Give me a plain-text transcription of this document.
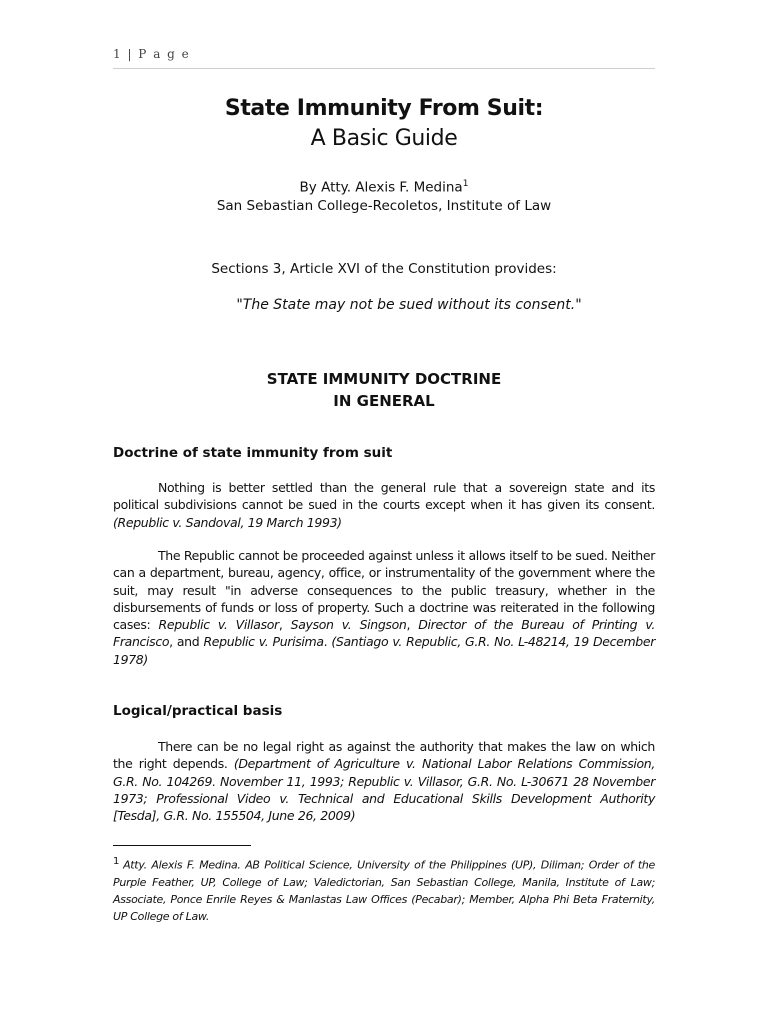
1 | P a g e
State Immunity From Suit:
A Basic Guide
By Atty. Alexis F. Medina$^1$
San Sebastian College-Recoletos, Institute of Law
Sections 3, Article XVI of the Constitution provides:
"The State may not be sued without its consent."
STATE IMMUNITY DOCTRINE
IN GENERAL
Doctrine of state immunity from suit
Nothing is better settled than the general rule that a sovereign state and its political subdivisions cannot be sued in the courts except when it has given its consent. (Republic v. Sandoval, 19 March 1993)
The Republic cannot be proceeded against unless it allows itself to be sued. Neither can a department, bureau, agency, office, or instrumentality of the government where the suit, may result "in adverse consequences to the public treasury, whether in the disbursements of funds or loss of property. Such a doctrine was reiterated in the following cases: Republic v. Villasor, Sayson v. Singson, Director of the Bureau of Printing v. Francisco, and Republic v. Purisima. (Santiago v. Republic, G.R. No. L-48214, 19 December 1978)
Logical/practical basis
There can be no legal right as against the authority that makes the law on which the right depends. (Department of Agriculture v. National Labor Relations Commission, G.R. No. 104269. November 11, 1993; Republic v. Villasor, G.R. No. L-30671 28 November 1973; Professional Video v. Technical and Educational Skills Development Authority [Tesda], G.R. No. 155504, June 26, 2009)
$^1$ Atty. Alexis F. Medina. AB Political Science, University of the Philippines (UP), Diliman; Order of the Purple Feather, UP, College of Law; Valedictorian, San Sebastian College, Manila, Institute of Law; Associate, Ponce Enrile Reyes & Manlastas Law Offices (Pecabar); Member, Alpha Phi Beta Fraternity, UP College of Law.
